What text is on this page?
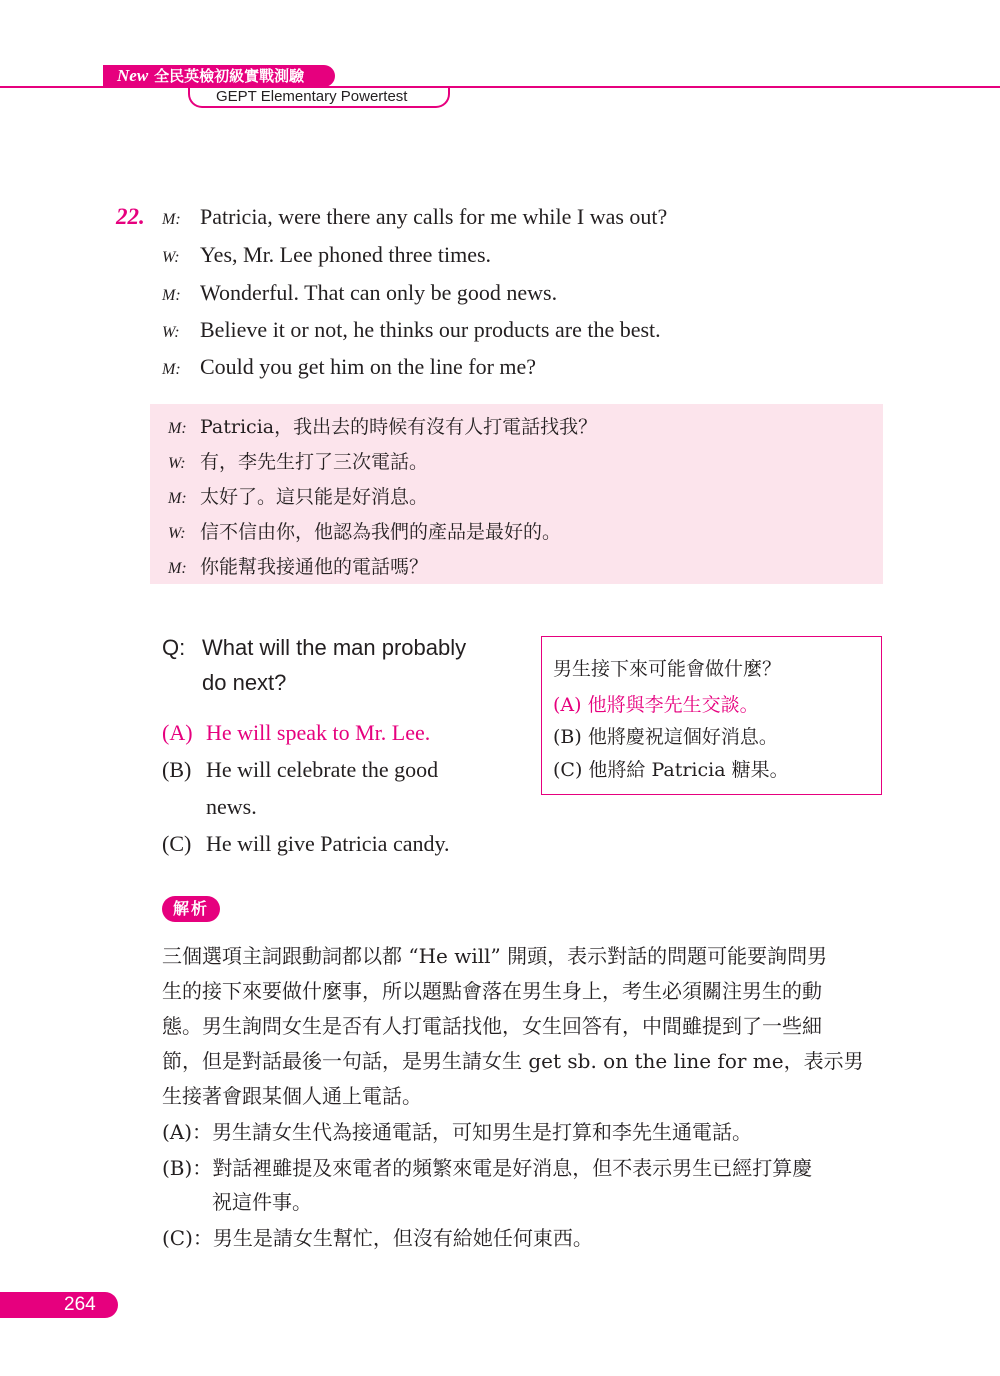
New 全民英檢初級實戰測驗
GEPT Elementary Powertest
22. M: Patricia, were there any calls for me while I was out?
W: Yes, Mr. Lee phoned three times.
M: Wonderful. That can only be good news.
W: Believe it or not, he thinks our products are the best.
M: Could you get him on the line for me?
M: Patricia，我出去的時候有沒有人打電話找我？
W: 有，李先生打了三次電話。
M: 太好了。這只能是好消息。
W: 信不信由你，他認為我們的產品是最好的。
M: 你能幫我接通他的電話嗎？
Q: What will the man probably
do next?
(A) He will speak to Mr. Lee.
(B) He will celebrate the good
news.
(C) He will give Patricia candy.
男生接下來可能會做什麼？
(A) 他將與李先生交談。
(B) 他將慶祝這個好消息。
(C) 他將給 Patricia 糖果。
解析
三個選項主詞跟動詞都以都 “He will” 開頭，表示對話的問題可能要詢問男
生的接下來要做什麼事，所以題點會落在男生身上，考生必須關注男生的動
態。男生詢問女生是否有人打電話找他，女生回答有，中間雖提到了一些細
節，但是對話最後一句話，是男生請女生 get sb. on the line for me，表示男
生接著會跟某個人通上電話。
(A)：男生請女生代為接通電話，可知男生是打算和李先生通電話。
(B)：對話裡雖提及來電者的頻繁來電是好消息，但不表示男生已經打算慶
祝這件事。
(C)：男生是請女生幫忙，但沒有給她任何東西。
264
